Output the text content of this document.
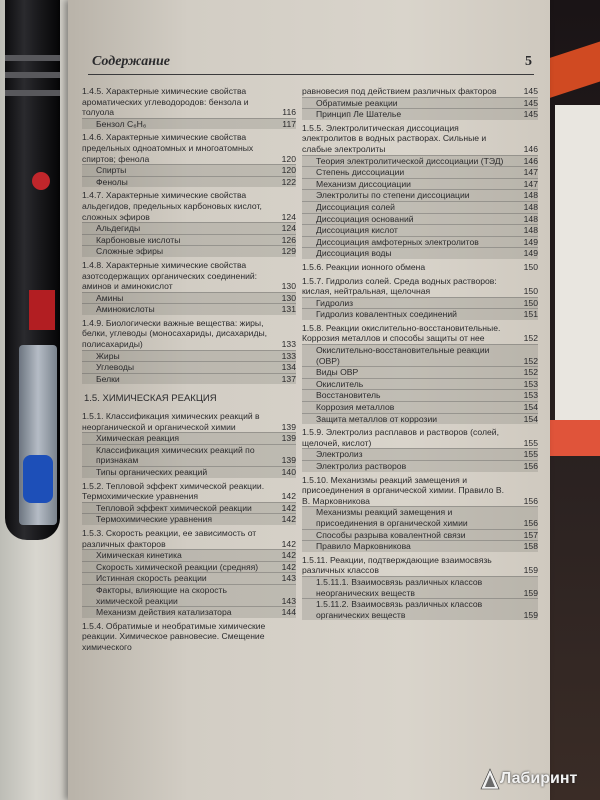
Содержание	5
1.4.5. Характерные химические свойства ароматических углеводородов: бензола и толуола	116
Бензол C₆H₆	117
1.4.6. Характерные химические свойства предельных одноатомных и многоатомных спиртов; фенола	120
Спирты	120
Фенолы	122
1.4.7. Характерные химические свойства альдегидов, предельных карбоновых кислот, сложных эфиров	124
Альдегиды	124
Карбоновые кислоты	126
Сложные эфиры	129
1.4.8. Характерные химические свойства азотсодержащих органических соединений: аминов и аминокислот	130
Амины	130
Аминокислоты	131
1.4.9. Биологически важные вещества: жиры, белки, углеводы (моносахариды, дисахариды, полисахариды)	133
Жиры	133
Углеводы	134
Белки	137
1.5. ХИМИЧЕСКАЯ РЕАКЦИЯ
1.5.1. Классификация химических реакций в неорганической и органической химии	139
Химическая реакция	139
Классификация химических реакций по признакам	139
Типы органических реакций	140
1.5.2. Тепловой эффект химической реакции. Термохимические уравнения	142
Тепловой эффект химической реакции	142
Термохимические уравнения	142
1.5.3. Скорость реакции, ее зависимость от различных факторов	142
Химическая кинетика	142
Скорость химической реакции (средняя)	142
Истинная скорость реакции	143
Факторы, влияющие на скорость химической реакции	143
Механизм действия катализатора	144
1.5.4. Обратимые и необратимые химические реакции. Химическое равновесие. Смещение химического
равновесия под действием различных факторов	145
Обратимые реакции	145
Принцип Ле Шателье	145
1.5.5. Электролитическая диссоциация электролитов в водных растворах. Сильные и слабые электролиты	146
Теория электролитической диссоциации (ТЭД)	146
Степень диссоциации	147
Механизм диссоциации	147
Электролиты по степени диссоциации	148
Диссоциация солей	148
Диссоциация оснований	148
Диссоциация кислот	148
Диссоциация амфотерных электролитов	149
Диссоциация воды	149
1.5.6. Реакции ионного обмена	150
1.5.7. Гидролиз солей. Среда водных растворов: кислая, нейтральная, щелочная	150
Гидролиз	150
Гидролиз ковалентных соединений	151
1.5.8. Реакции окислительно-восстановительные. Коррозия металлов и способы защиты от нее	152
Окислительно-восстановительные реакции (ОВР)	152
Виды ОВР	152
Окислитель	153
Восстановитель	153
Коррозия металлов	154
Защита металлов от коррозии	154
1.5.9. Электролиз расплавов и растворов (солей, щелочей, кислот)	155
Электролиз	155
Электролиз растворов	156
1.5.10. Механизмы реакций замещения и присоединения в органической химии. Правило В. В. Марковникова	156
Механизмы реакций замещения и присоединения в органической химии	156
Способы разрыва ковалентной связи	157
Правило Марковникова	158
1.5.11. Реакции, подтверждающие взаимосвязь различных классов	159
1.5.11.1. Взаимосвязь различных классов неорганических веществ	159
1.5.11.2. Взаимосвязь различных классов органических веществ	159
Лабиринт
